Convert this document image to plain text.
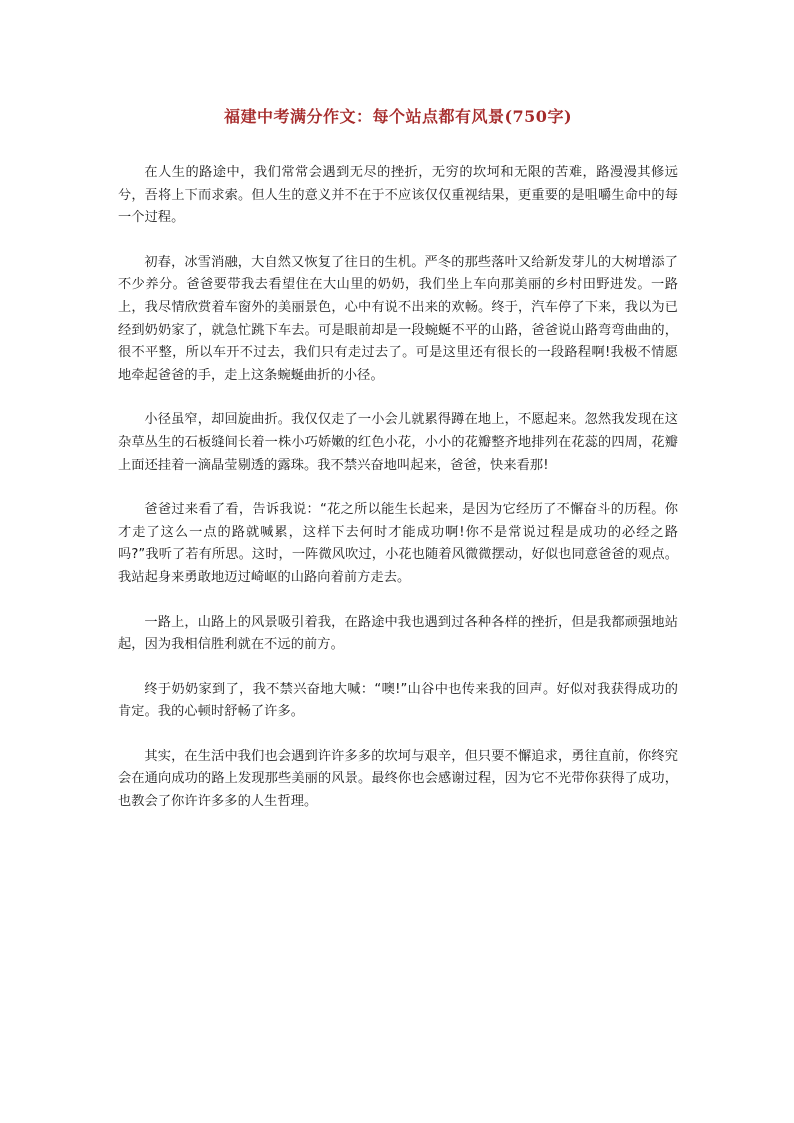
福建中考满分作文：每个站点都有风景(750字)

在人生的路途中，我们常常会遇到无尽的挫折，无穷的坎坷和无限的苦难，路漫漫其修远兮，吾将上下而求索。但人生的意义并不在于不应该仅仅重视结果，更重要的是咀嚼生命中的每一个过程。

初春，冰雪消融，大自然又恢复了往日的生机。严冬的那些落叶又给新发芽儿的大树增添了不少养分。爸爸要带我去看望住在大山里的奶奶，我们坐上车向那美丽的乡村田野进发。一路上，我尽情欣赏着车窗外的美丽景色，心中有说不出来的欢畅。终于，汽车停了下来，我以为已经到奶奶家了，就急忙跳下车去。可是眼前却是一段蜿蜒不平的山路，爸爸说山路弯弯曲曲的，很不平整，所以车开不过去，我们只有走过去了。可是这里还有很长的一段路程啊!我极不情愿地牵起爸爸的手，走上这条蜿蜒曲折的小径。

小径虽窄，却回旋曲折。我仅仅走了一小会儿就累得蹲在地上，不愿起来。忽然我发现在这杂草丛生的石板缝间长着一株小巧娇嫩的红色小花，小小的花瓣整齐地排列在花蕊的四周，花瓣上面还挂着一滴晶莹剔透的露珠。我不禁兴奋地叫起来，爸爸，快来看那!

爸爸过来看了看，告诉我说：“花之所以能生长起来，是因为它经历了不懈奋斗的历程。你才走了这么一点的路就喊累，这样下去何时才能成功啊!你不是常说过程是成功的必经之路吗?”我听了若有所思。这时，一阵微风吹过，小花也随着风微微摆动，好似也同意爸爸的观点。我站起身来勇敢地迈过崎岖的山路向着前方走去。

一路上，山路上的风景吸引着我，在路途中我也遇到过各种各样的挫折，但是我都顽强地站起，因为我相信胜利就在不远的前方。

终于奶奶家到了，我不禁兴奋地大喊：“噢!”山谷中也传来我的回声。好似对我获得成功的肯定。我的心顿时舒畅了许多。

其实，在生活中我们也会遇到许许多多的坎坷与艰辛，但只要不懈追求，勇往直前，你终究会在通向成功的路上发现那些美丽的风景。最终你也会感谢过程，因为它不光带你获得了成功，也教会了你许许多多的人生哲理。
